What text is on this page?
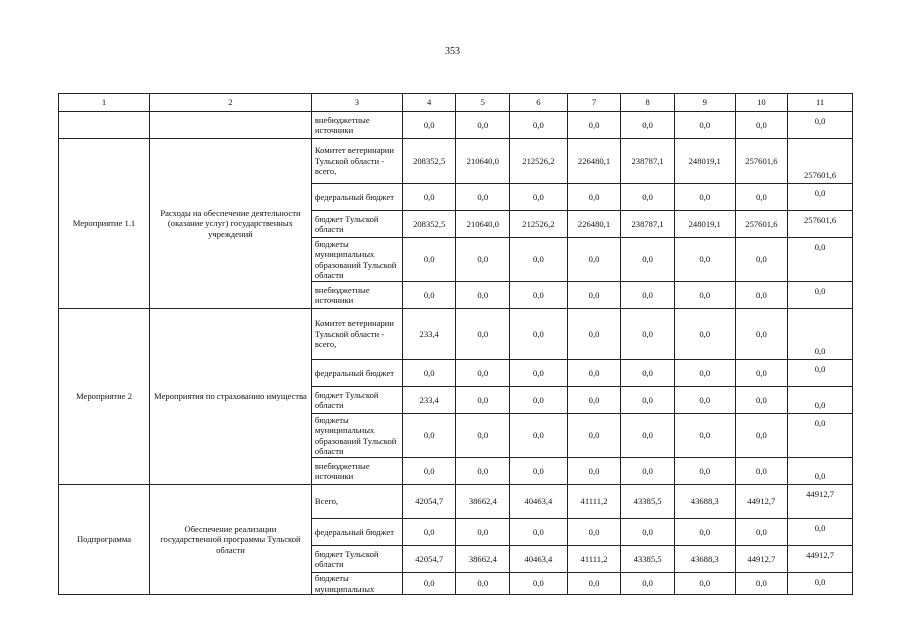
353
1	2	3	4	5	6	7	8	9	10	11
		внебюджетные источники	0,0	0,0	0,0	0,0	0,0	0,0	0,0	0,0
Мероприятие 1.1	Расходы на обеспечение деятельности (оказание услуг) государственных учреждений	Комитет ветеринарии Тульской области - всего,	208352,5	210640,0	212526,2	226480,1	238787,1	248019,1	257601,6	257601,6
		федеральный бюджет	0,0	0,0	0,0	0,0	0,0	0,0	0,0	0,0
		бюджет Тульской области	208352,5	210640,0	212526,2	226480,1	238787,1	248019,1	257601,6	257601,6
		бюджеты муниципальных образований Тульской области	0,0	0,0	0,0	0,0	0,0	0,0	0,0	0,0
		внебюджетные источники	0,0	0,0	0,0	0,0	0,0	0,0	0,0	0,0
Мероприятие 2	Мероприятия по страхованию имущества	Комитет ветеринарии Тульской области - всего,	233,4	0,0	0,0	0,0	0,0	0,0	0,0	0,0
		федеральный бюджет	0,0	0,0	0,0	0,0	0,0	0,0	0,0	0,0
		бюджет Тульской области	233,4	0,0	0,0	0,0	0,0	0,0	0,0	0,0
		бюджеты муниципальных образований Тульской области	0,0	0,0	0,0	0,0	0,0	0,0	0,0	0,0
		внебюджетные источники	0,0	0,0	0,0	0,0	0,0	0,0	0,0	0,0
Подпрограмма	Обеспечение реализации государственной программы Тульской области	Всего,	42054,7	38662,4	40463,4	41111,2	43385,5	43688,3	44912,7	44912,7
		федеральный бюджет	0,0	0,0	0,0	0,0	0,0	0,0	0,0	0,0
		бюджет Тульской области	42054,7	38662,4	40463,4	41111,2	43385,5	43688,3	44912,7	44912,7
		бюджеты муниципальных	0,0	0,0	0,0	0,0	0,0	0,0	0,0	0,0
